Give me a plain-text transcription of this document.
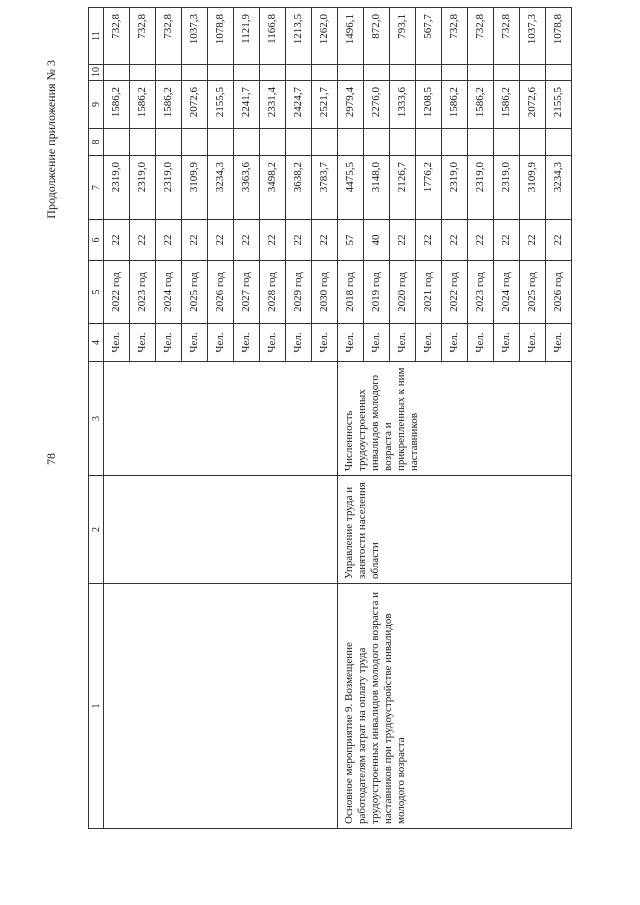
78
Продолжение приложения № 3
1	2	3	4	5	6	7	8	9	10	11
			Чел.	2022 год	22	2319,0		1586,2		732,8
			Чел.	2023 год	22	2319,0		1586,2		732,8
			Чел.	2024 год	22	2319,0		1586,2		732,8
			Чел.	2025 год	22	3109,9		2072,6		1037,3
			Чел.	2026 год	22	3234,3		2155,5		1078,8
			Чел.	2027 год	22	3363,6		2241,7		1121,9
			Чел.	2028 год	22	3498,2		2331,4		1166,8
			Чел.	2029 год	22	3638,2		2424,7		1213,5
			Чел.	2030 год	22	3783,7		2521,7		1262,0
Основное мероприятие 9. Возмещение работодателям затрат на оплату труда трудоустроенных инвалидов молодого возраста и наставников при трудоустройстве инвалидов молодого возраста	Управление труда и занятости населения области	Численность трудоустроенных инвалидов молодого возраста и прикрепленных к ним наставников	Чел.	2018 год	57	4475,5		2979,4		1496,1
			Чел.	2019 год	40	3148,0		2276,0		872,0
			Чел.	2020 год	22	2126,7		1333,6		793,1
			Чел.	2021 год	22	1776,2		1208,5		567,7
			Чел.	2022 год	22	2319,0		1586,2		732,8
			Чел.	2023 год	22	2319,0		1586,2		732,8
			Чел.	2024 год	22	2319,0		1586,2		732,8
			Чел.	2025 год	22	3109,9		2072,6		1037,3
			Чел.	2026 год	22	3234,3		2155,5		1078,8
